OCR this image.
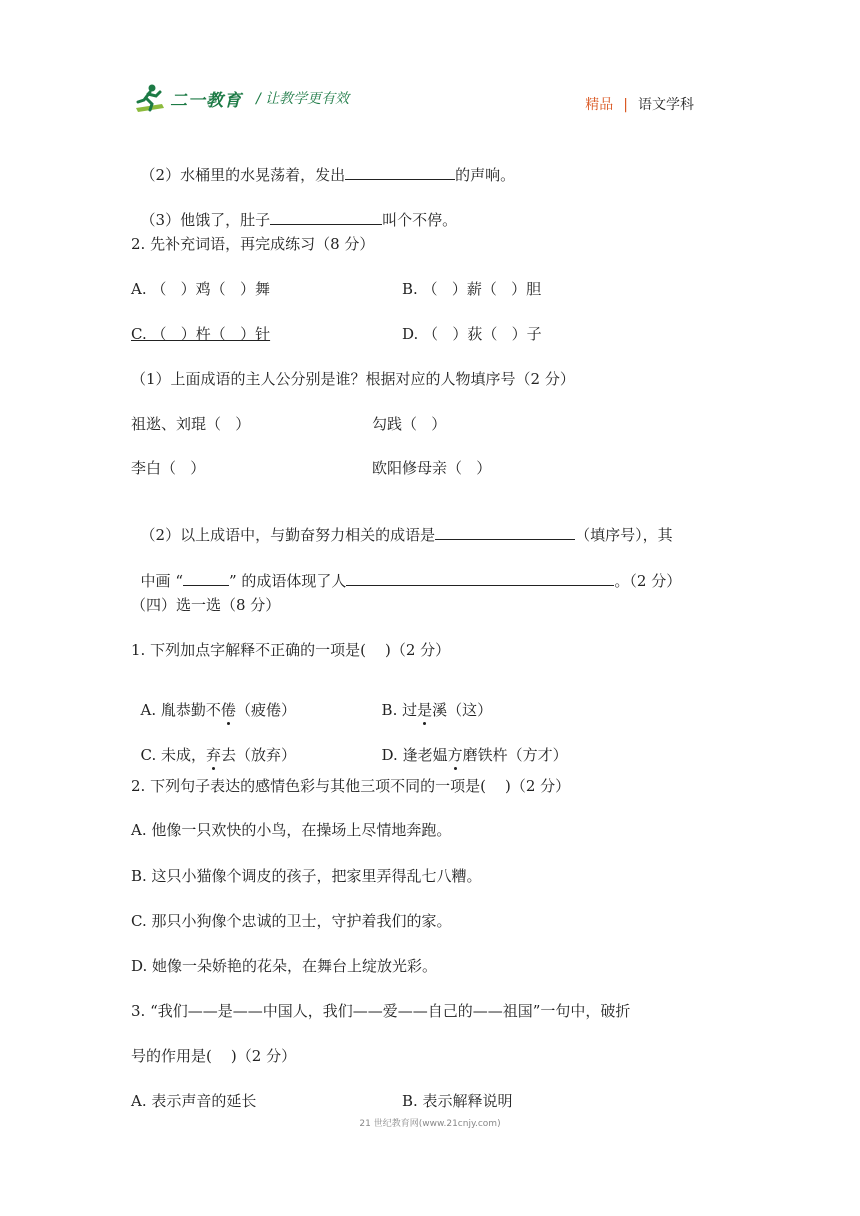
二一教育 / 让教学更有效	精品 | 语文学科

（2）水桶里的水晃荡着，发出	的声响。

（3）他饿了，肚子	叫个不停。

2. 先补充词语，再完成练习（8 分）
A. （   ）鸡（   ）舞	B. （   ）薪（   ）胆
C. （   ）杵（   ）针	D. （   ）荻（   ）子
（1）上面成语的主人公分别是谁？根据对应的人物填序号（2 分）
祖逖、刘琨（   ）	勾践（   ）
李白（   ）	欧阳修母亲（   ）

（2）以上成语中，与勤奋努力相关的成语是	（填序号），其

中画 “	” 的成语体现了人	。（2 分）

（四）选一选（8 分）
1. 下列加点字解释不正确的一项是(    )（2 分）

A. 胤恭勤不倦（疲倦）	B. 过是溪（这）

C. 未成，弃去（放弃）	D. 逢老媪方磨铁杵（方才）

2. 下列句子表达的感情色彩与其他三项不同的一项是(    )（2 分）
A. 他像一只欢快的小鸟，在操场上尽情地奔跑。
B. 这只小猫像个调皮的孩子，把家里弄得乱七八糟。
C. 那只小狗像个忠诚的卫士，守护着我们的家。
D. 她像一朵娇艳的花朵，在舞台上绽放光彩。
3. “我们——是——中国人，我们——爱——自己的——祖国”一句中，破折
号的作用是(    )（2 分）
A. 表示声音的延长	B. 表示解释说明
21 世纪教育网(www.21cnjy.com)
